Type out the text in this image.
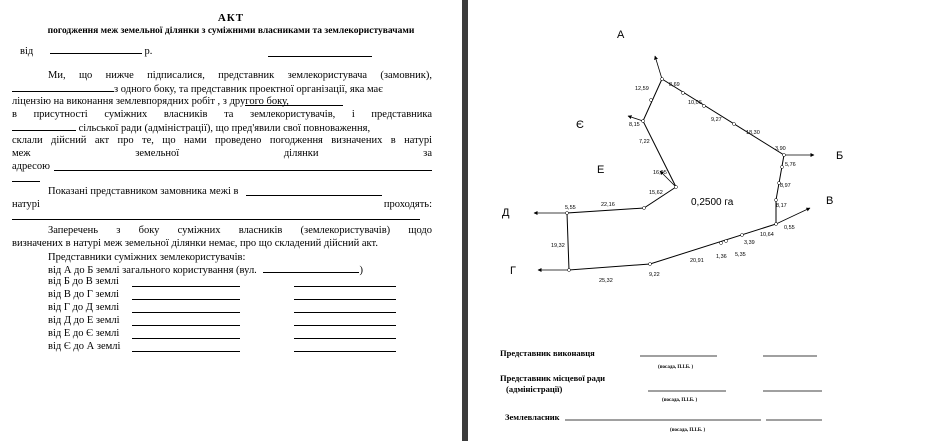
АКТ
погодження меж земельної ділянки з суміжними власниками та землекористувачами
від	р.
Ми, що нижче підписалися, представник землекористувача (замовник),
з одного боку, та представник проектної організації, яка має
ліцензію на виконання землевпорядних робіт , з другого боку,
в присутності суміжних власників та землекористувачів, і представника
сільської ради (адміністрації), що пред'явили свої повноваження,
склали дійсний акт про те, що нами проведено погодження визначених в натурі
меж земельної ділянки за
адресою
Показані представником замовника межі в
натурі проходять:
Заперечень з боку суміжних власників (землекористувачів) щодо
визначених в натурі меж земельної ділянки немає, про що складений дійсний акт.
Представники суміжних землекористувачів:
від А до Б землі загального користування (вул.	)
від Б до В землі
від В до Г землі
від Г до Д землі
від Д до Е землі
від Е до Є землі
від Є до А землі
А
Б
В
Г
Д
Е
Є
8,69
10,06
9,27
18,30
3,90
5,76
8,97
8,17
0,55
10,64
3,39
5,35
1,36
20,91
9,22
25,32
19,32
5,55	22,16
15,62
16,95
7,22
8,15
12,59
0,2500 га
Представник виконавця
(посада, П.І.Б. )
Представник місцевої ради
(адміністрації)
(посада, П.І.Б. )
Землевласник
(посада, П.І.Б. )
